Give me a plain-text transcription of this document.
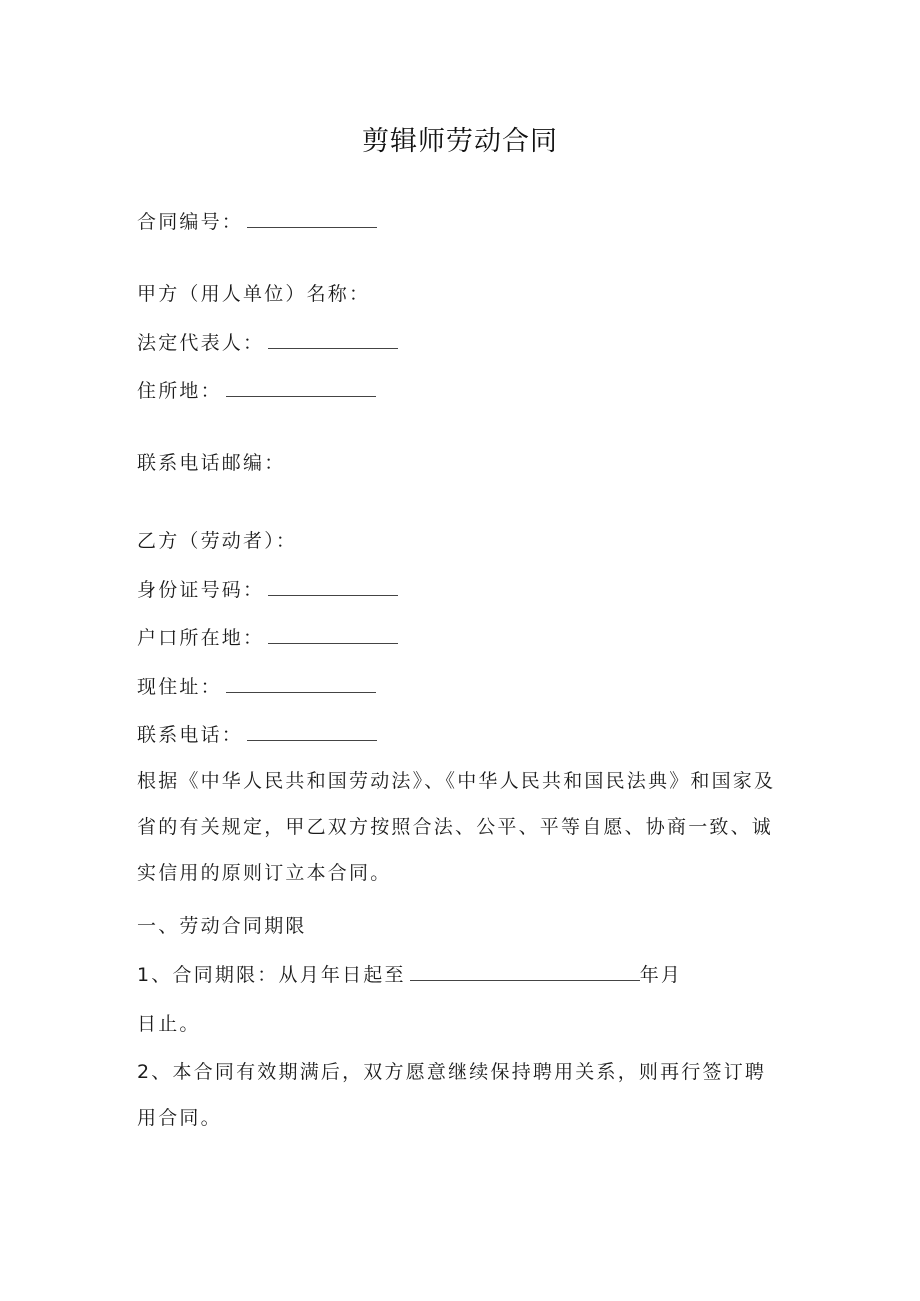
剪辑师劳动合同
合同编号：
甲方（用人单位）名称：
法定代表人：
住所地：
联系电话邮编：
乙方（劳动者）：
身份证号码：
户口所在地：
现住址：
联系电话：
根据《中华人民共和国劳动法》、《中华人民共和国民法典》和国家及省的有关规定，甲乙双方按照合法、公平、平等自愿、协商一致、诚实信用的原则订立本合同。
一、劳动合同期限
1、合同期限：从月年日起至	年月
日止。
2、本合同有效期满后，双方愿意继续保持聘用关系，则再行签订聘用合同。
